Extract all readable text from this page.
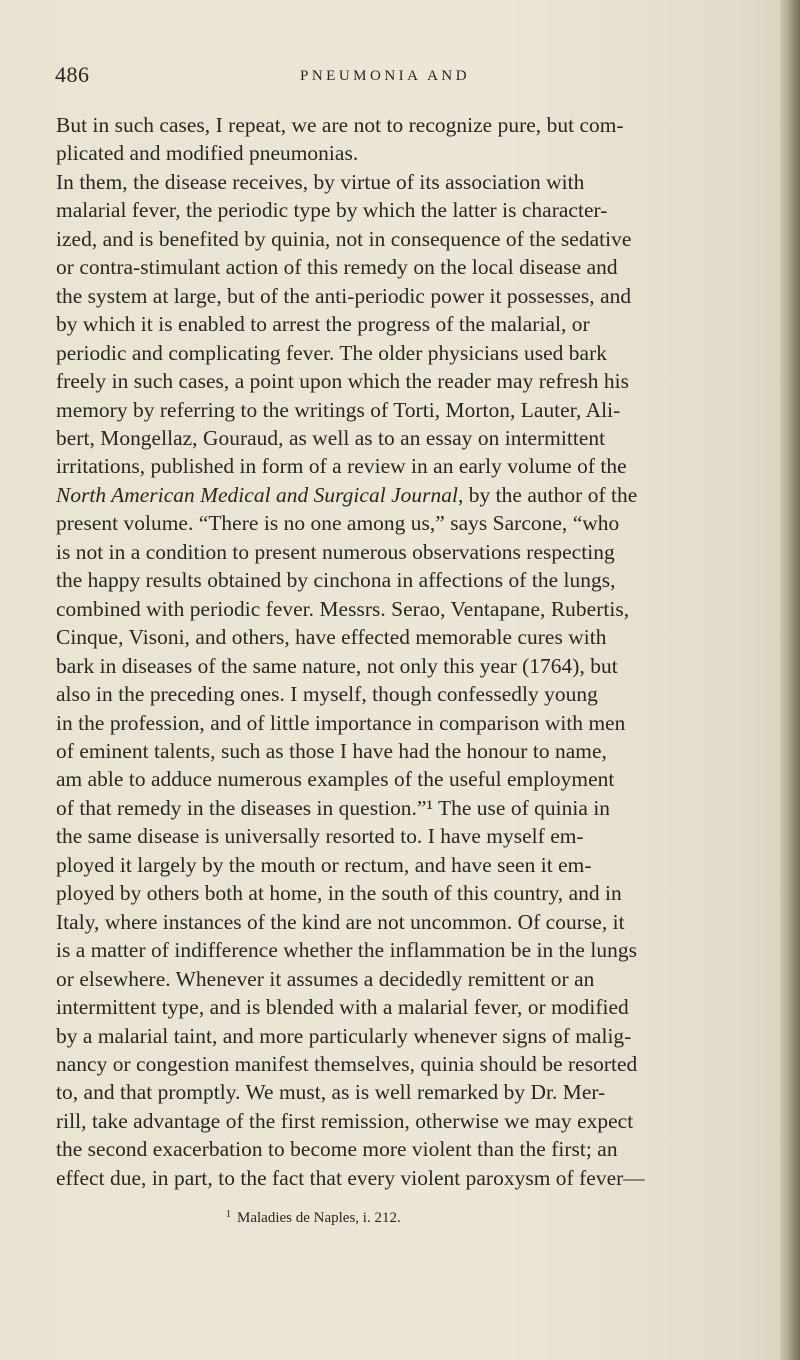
486	PNEUMONIA AND
But in such cases, I repeat, we are not to recognize pure, but com-
plicated and modified pneumonias.
In them, the disease receives, by virtue of its association with
malarial fever, the periodic type by which the latter is character-
ized, and is benefited by quinia, not in consequence of the sedative
or contra-stimulant action of this remedy on the local disease and
the system at large, but of the anti-periodic power it possesses, and
by which it is enabled to arrest the progress of the malarial, or
periodic and complicating fever. The older physicians used bark
freely in such cases, a point upon which the reader may refresh his
memory by referring to the writings of Torti, Morton, Lauter, Ali-
bert, Mongellaz, Gouraud, as well as to an essay on intermittent
irritations, published in form of a review in an early volume of the
North American Medical and Surgical Journal, by the author of the
present volume. “There is no one among us,” says Sarcone, “who
is not in a condition to present numerous observations respecting
the happy results obtained by cinchona in affections of the lungs,
combined with periodic fever. Messrs. Serao, Ventapane, Rubertis,
Cinque, Visoni, and others, have effected memorable cures with
bark in diseases of the same nature, not only this year (1764), but
also in the preceding ones. I myself, though confessedly young
in the profession, and of little importance in comparison with men
of eminent talents, such as those I have had the honour to name,
am able to adduce numerous examples of the useful employment
of that remedy in the diseases in question.”¹ The use of quinia in
the same disease is universally resorted to. I have myself em-
ployed it largely by the mouth or rectum, and have seen it em-
ployed by others both at home, in the south of this country, and in
Italy, where instances of the kind are not uncommon. Of course, it
is a matter of indifference whether the inflammation be in the lungs
or elsewhere. Whenever it assumes a decidedly remittent or an
intermittent type, and is blended with a malarial fever, or modified
by a malarial taint, and more particularly whenever signs of malig-
nancy or congestion manifest themselves, quinia should be resorted
to, and that promptly. We must, as is well remarked by Dr. Mer-
rill, take advantage of the first remission, otherwise we may expect
the second exacerbation to become more violent than the first; an
effect due, in part, to the fact that every violent paroxysm of fever—
$^1$ Maladies de Naples, i. 212.
